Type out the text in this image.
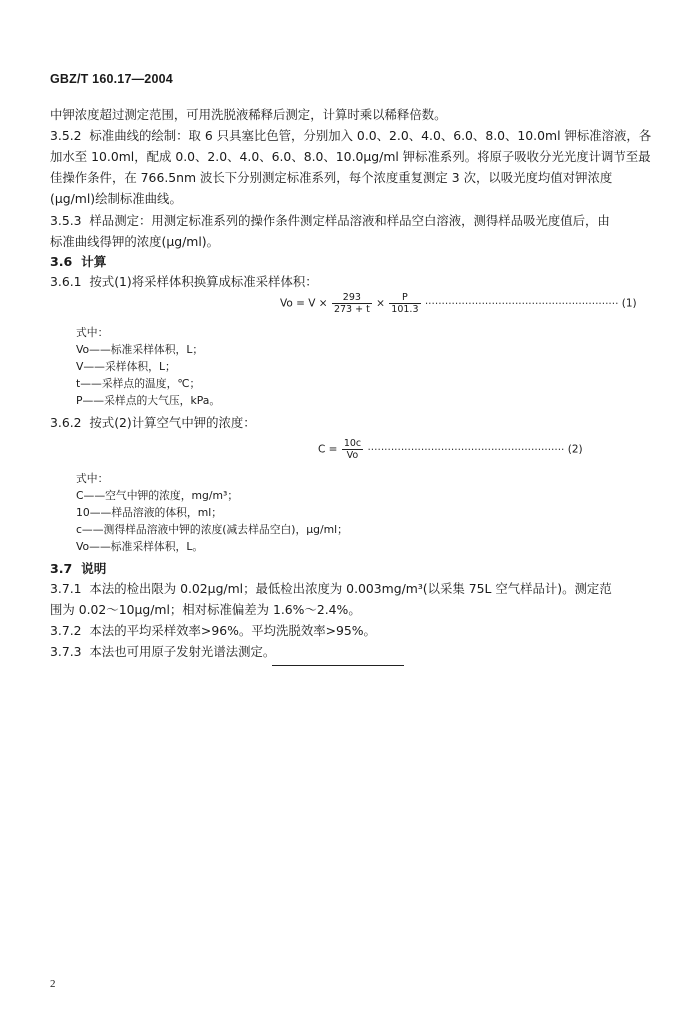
GBZ/T 160.17—2004
中钾浓度超过测定范围，可用洗脱液稀释后测定，计算时乘以稀释倍数。
3.5.2 标准曲线的绘制：取 6 只具塞比色管，分别加入 0.0、2.0、4.0、6.0、8.0、10.0ml 钾标准溶液，各
加水至 10.0ml，配成 0.0、2.0、4.0、6.0、8.0、10.0μg/ml 钾标准系列。将原子吸收分光光度计调节至最
佳操作条件，在 766.5nm 波长下分别测定标准系列，每个浓度重复测定 3 次，以吸光度均值对钾浓度
(μg/ml)绘制标准曲线。
3.5.3 样品测定：用测定标准系列的操作条件测定样品溶液和样品空白溶液，测得样品吸光度值后，由
标准曲线得钾的浓度(μg/ml)。
3.6 计算
3.6.1 按式(1)将采样体积换算成标准采样体积：
$Vo = V \times \frac{293}{273 + t} \times \frac{P}{101.3}$ ·························································· (1)
式中：
Vo——标准采样体积，L；
V——采样体积，L；
t——采样点的温度，℃；
P——采样点的大气压，kPa。
3.6.2 按式(2)计算空气中钾的浓度：
$C = \frac{10c}{Vo}$ ··························································· (2)
式中：
C——空气中钾的浓度，mg/m³；
10——样品溶液的体积，ml；
c——测得样品溶液中钾的浓度(减去样品空白)，μg/ml；
Vo——标准采样体积，L。
3.7 说明
3.7.1 本法的检出限为 0.02μg/ml；最低检出浓度为 0.003mg/m³(以采集 75L 空气样品计)。测定范
围为 0.02～10μg/ml；相对标准偏差为 1.6%～2.4%。
3.7.2 本法的平均采样效率>96%。平均洗脱效率>95%。
3.7.3 本法也可用原子发射光谱法测定。
2
